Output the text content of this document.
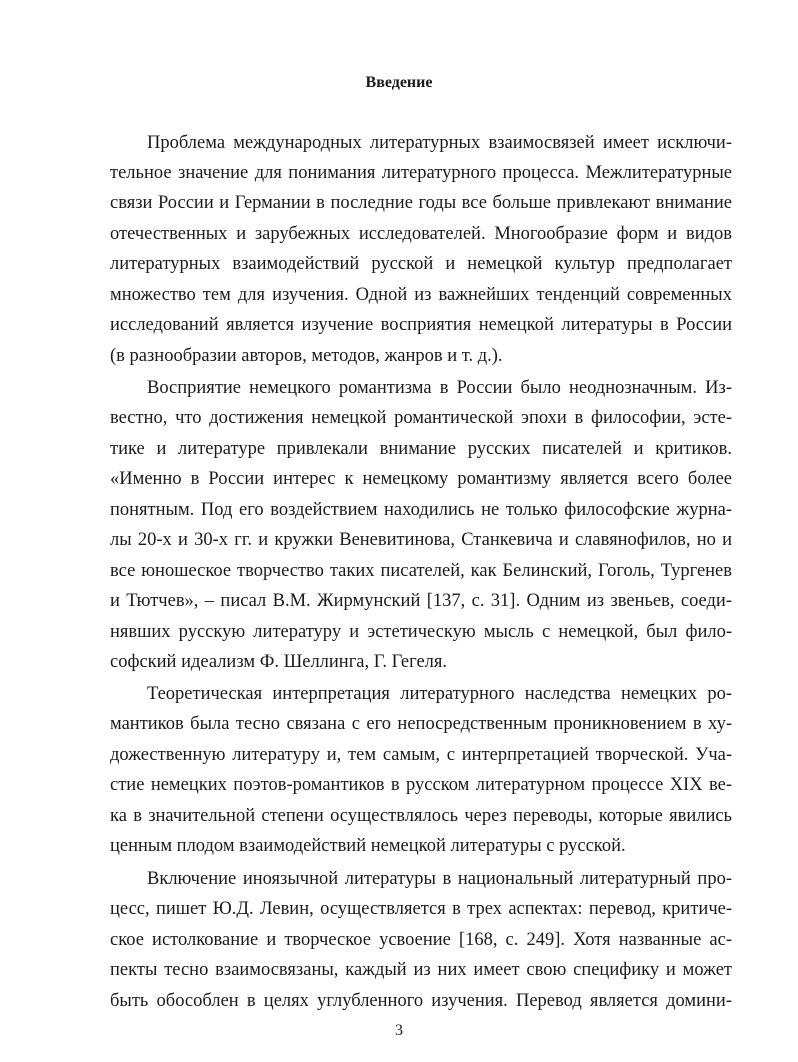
Введение
Проблема международных литературных взаимосвязей имеет исключи-
тельное значение для понимания литературного процесса. Межлитературные
связи России и Германии в последние годы все больше привлекают внимание
отечественных и зарубежных исследователей. Многообразие форм и видов
литературных взаимодействий русской и немецкой культур предполагает
множество тем для изучения. Одной из важнейших тенденций современных
исследований является изучение восприятия немецкой литературы в России
(в разнообразии авторов, методов, жанров и т. д.).
Восприятие немецкого романтизма в России было неоднозначным. Из-
вестно, что достижения немецкой романтической эпохи в философии, эсте-
тике и литературе привлекали внимание русских писателей и критиков.
«Именно в России интерес к немецкому романтизму является всего более
понятным. Под его воздействием находились не только философские журна-
лы 20-х и 30-х гг. и кружки Веневитинова, Станкевича и славянофилов, но и
все юношеское творчество таких писателей, как Белинский, Гоголь, Тургенев
и Тютчев», – писал В.М. Жирмунский [137, с. 31]. Одним из звеньев, соеди-
нявших русскую литературу и эстетическую мысль с немецкой, был фило-
софский идеализм Ф. Шеллинга, Г. Гегеля.
Теоретическая интерпретация литературного наследства немецких ро-
мантиков была тесно связана с его непосредственным проникновением в ху-
дожественную литературу и, тем самым, с интерпретацией творческой. Уча-
стие немецких поэтов-романтиков в русском литературном процессе XIX ве-
ка в значительной степени осуществлялось через переводы, которые явились
ценным плодом взаимодействий немецкой литературы с русской.
Включение иноязычной литературы в национальный литературный про-
цесс, пишет Ю.Д. Левин, осуществляется в трех аспектах: перевод, критиче-
ское истолкование и творческое усвоение [168, с. 249]. Хотя названные ас-
пекты тесно взаимосвязаны, каждый из них имеет свою специфику и может
быть обособлен в целях углубленного изучения. Перевод является домини-

3
